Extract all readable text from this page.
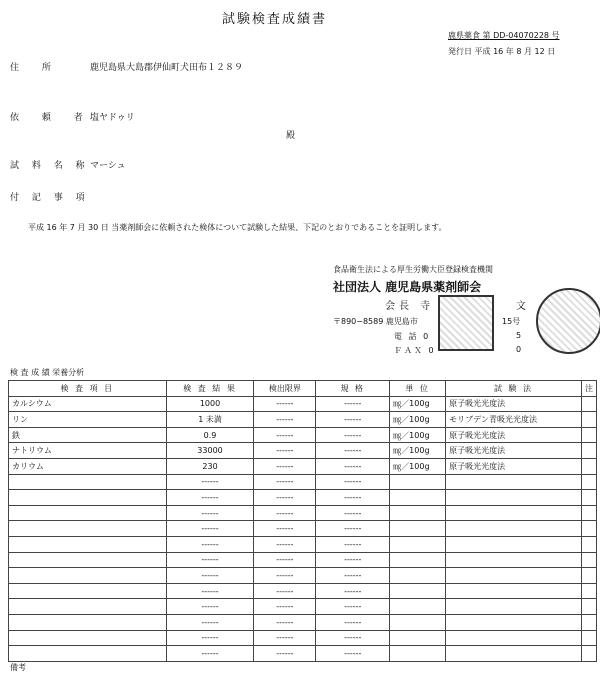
試験検査成績書
鹿県薬食 第 DD-04070228 号
発行日 平成 16 年 8 月 12 日
住 所	鹿児島県大島郡伊仙町犬田布１２８９
依 頼 者
塩ヤドゥリ
殿
試 料 名 称 マーシュ
付 記 事 項
平成 16 年 7 月 30 日 当薬剤師会に依頼された検体について試験した結果、下記のとおりであることを証明します。
食品衛生法による厚生労働大臣登録検査機関
社団法人 鹿児島県薬剤師会
会長 寺	文
〒890−8589 鹿児島市	15号
電 話 0	5
ＦＡＸ 0	0
検 査 成 績 栄養分析
検 査 項 目	検 査 結 果	検出限界	規 格	単 位	試 験 法	注
カルシウム	1000	------	------	㎎／100g	原子吸光光度法	
リン	1 未満	------	------	㎎／100g	モリブデン青吸光光度法	
鉄	0.9	------	------	㎎／100g	原子吸光光度法	
ナトリウム	33000	------	------	㎎／100g	原子吸光光度法	
カリウム	230	------	------	㎎／100g	原子吸光光度法	
	------	------	------			
	------	------	------			
	------	------	------			
	------	------	------			
	------	------	------			
	------	------	------			
	------	------	------			
	------	------	------			
	------	------	------			
	------	------	------			
	------	------	------			
	------	------	------			
備考
